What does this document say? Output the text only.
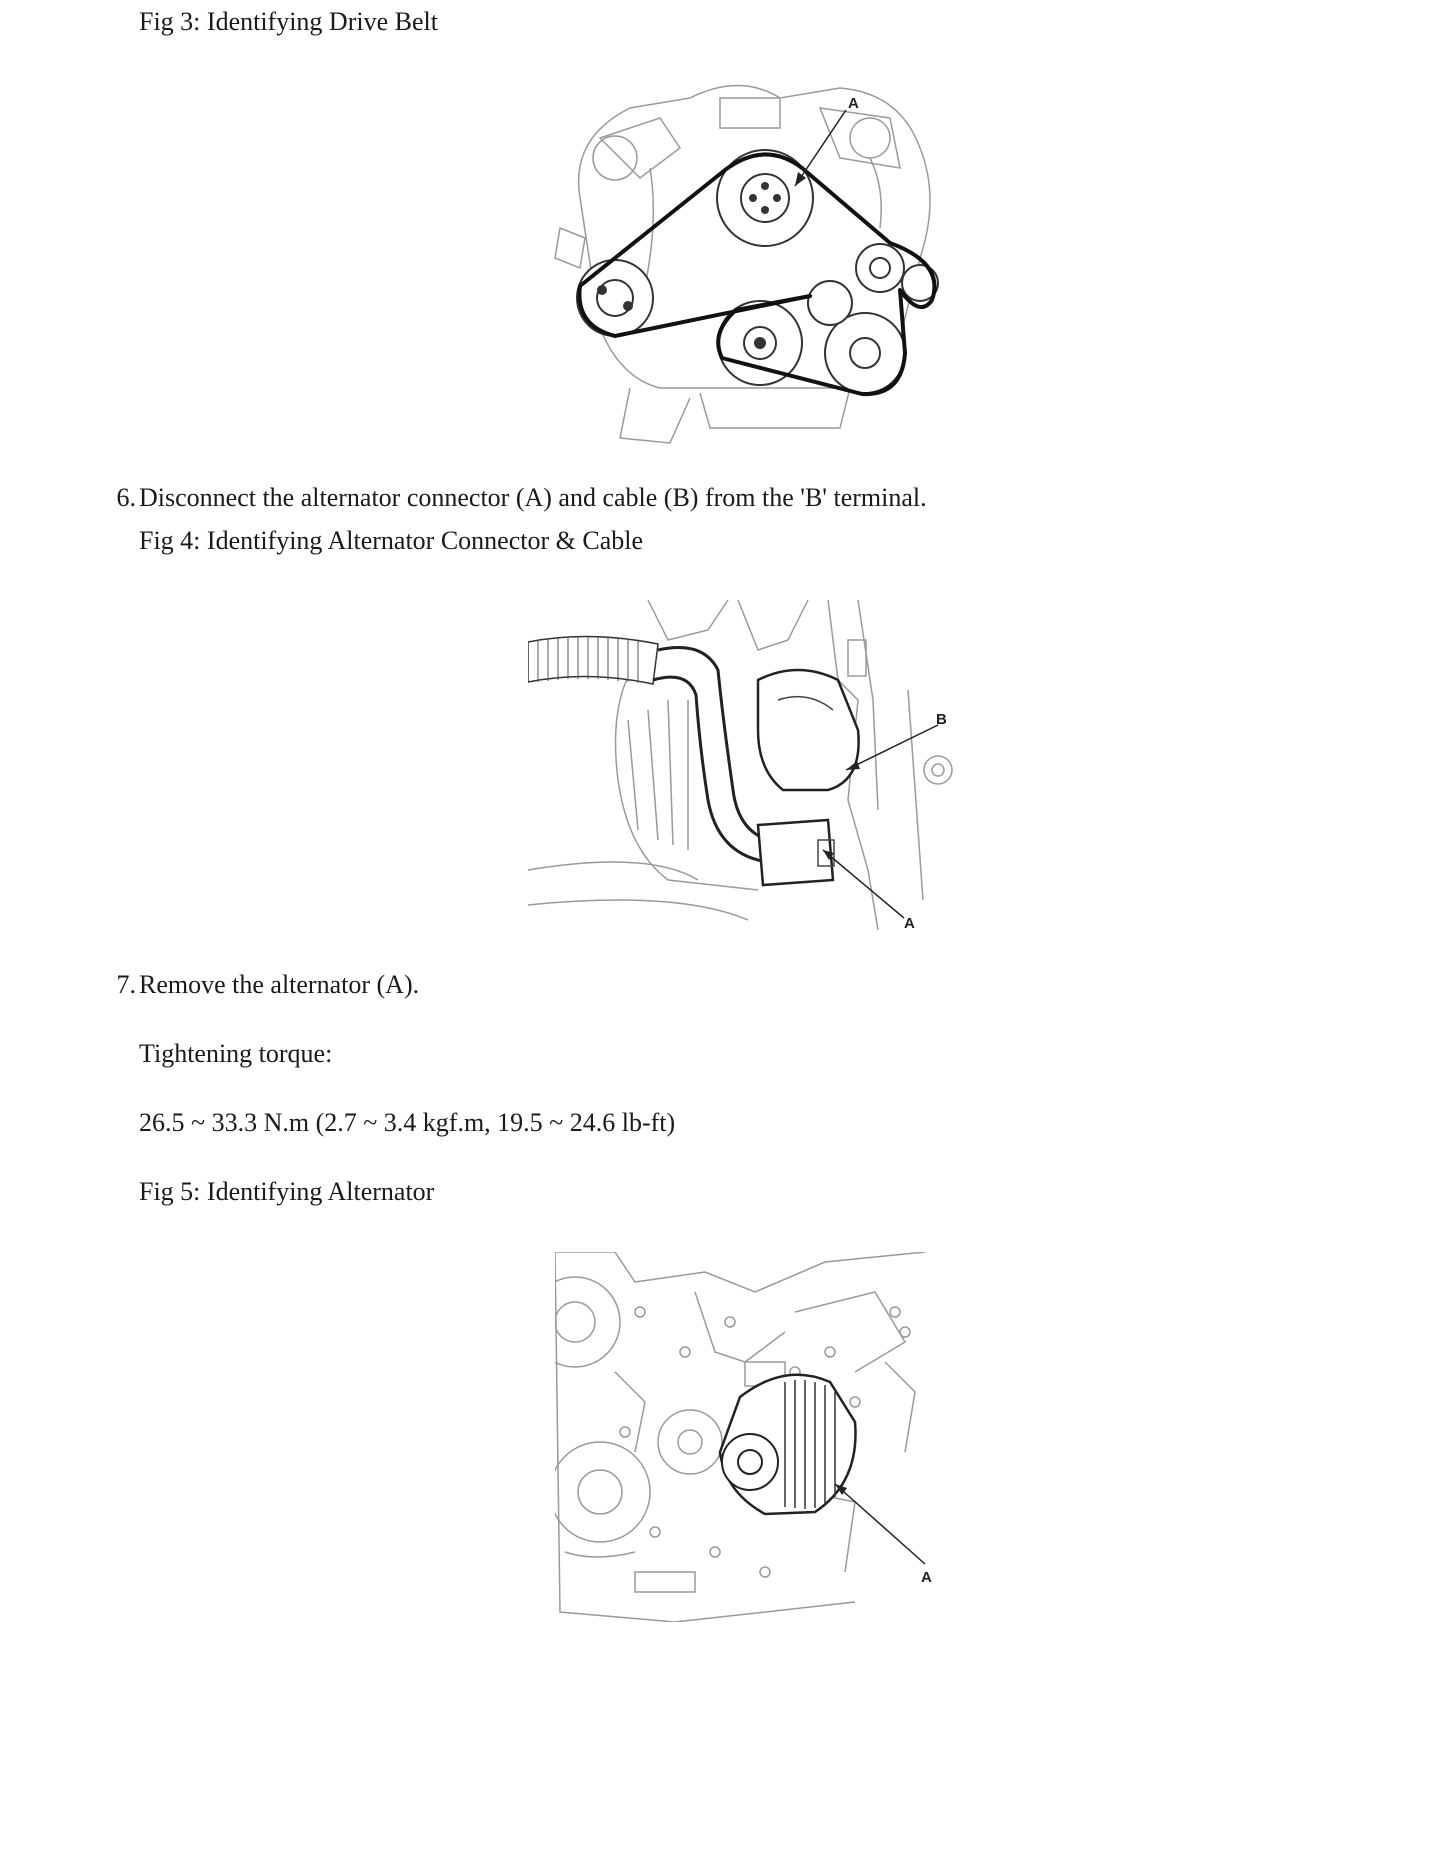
Fig 3: Identifying Drive Belt
A
6. Disconnect the alternator connector (A) and cable (B) from the 'B' terminal.
Fig 4: Identifying Alternator Connector & Cable
B
A
7. Remove the alternator (A).
Tightening torque:
26.5 ~ 33.3 N.m (2.7 ~ 3.4 kgf.m, 19.5 ~ 24.6 lb-ft)
Fig 5: Identifying Alternator
A
